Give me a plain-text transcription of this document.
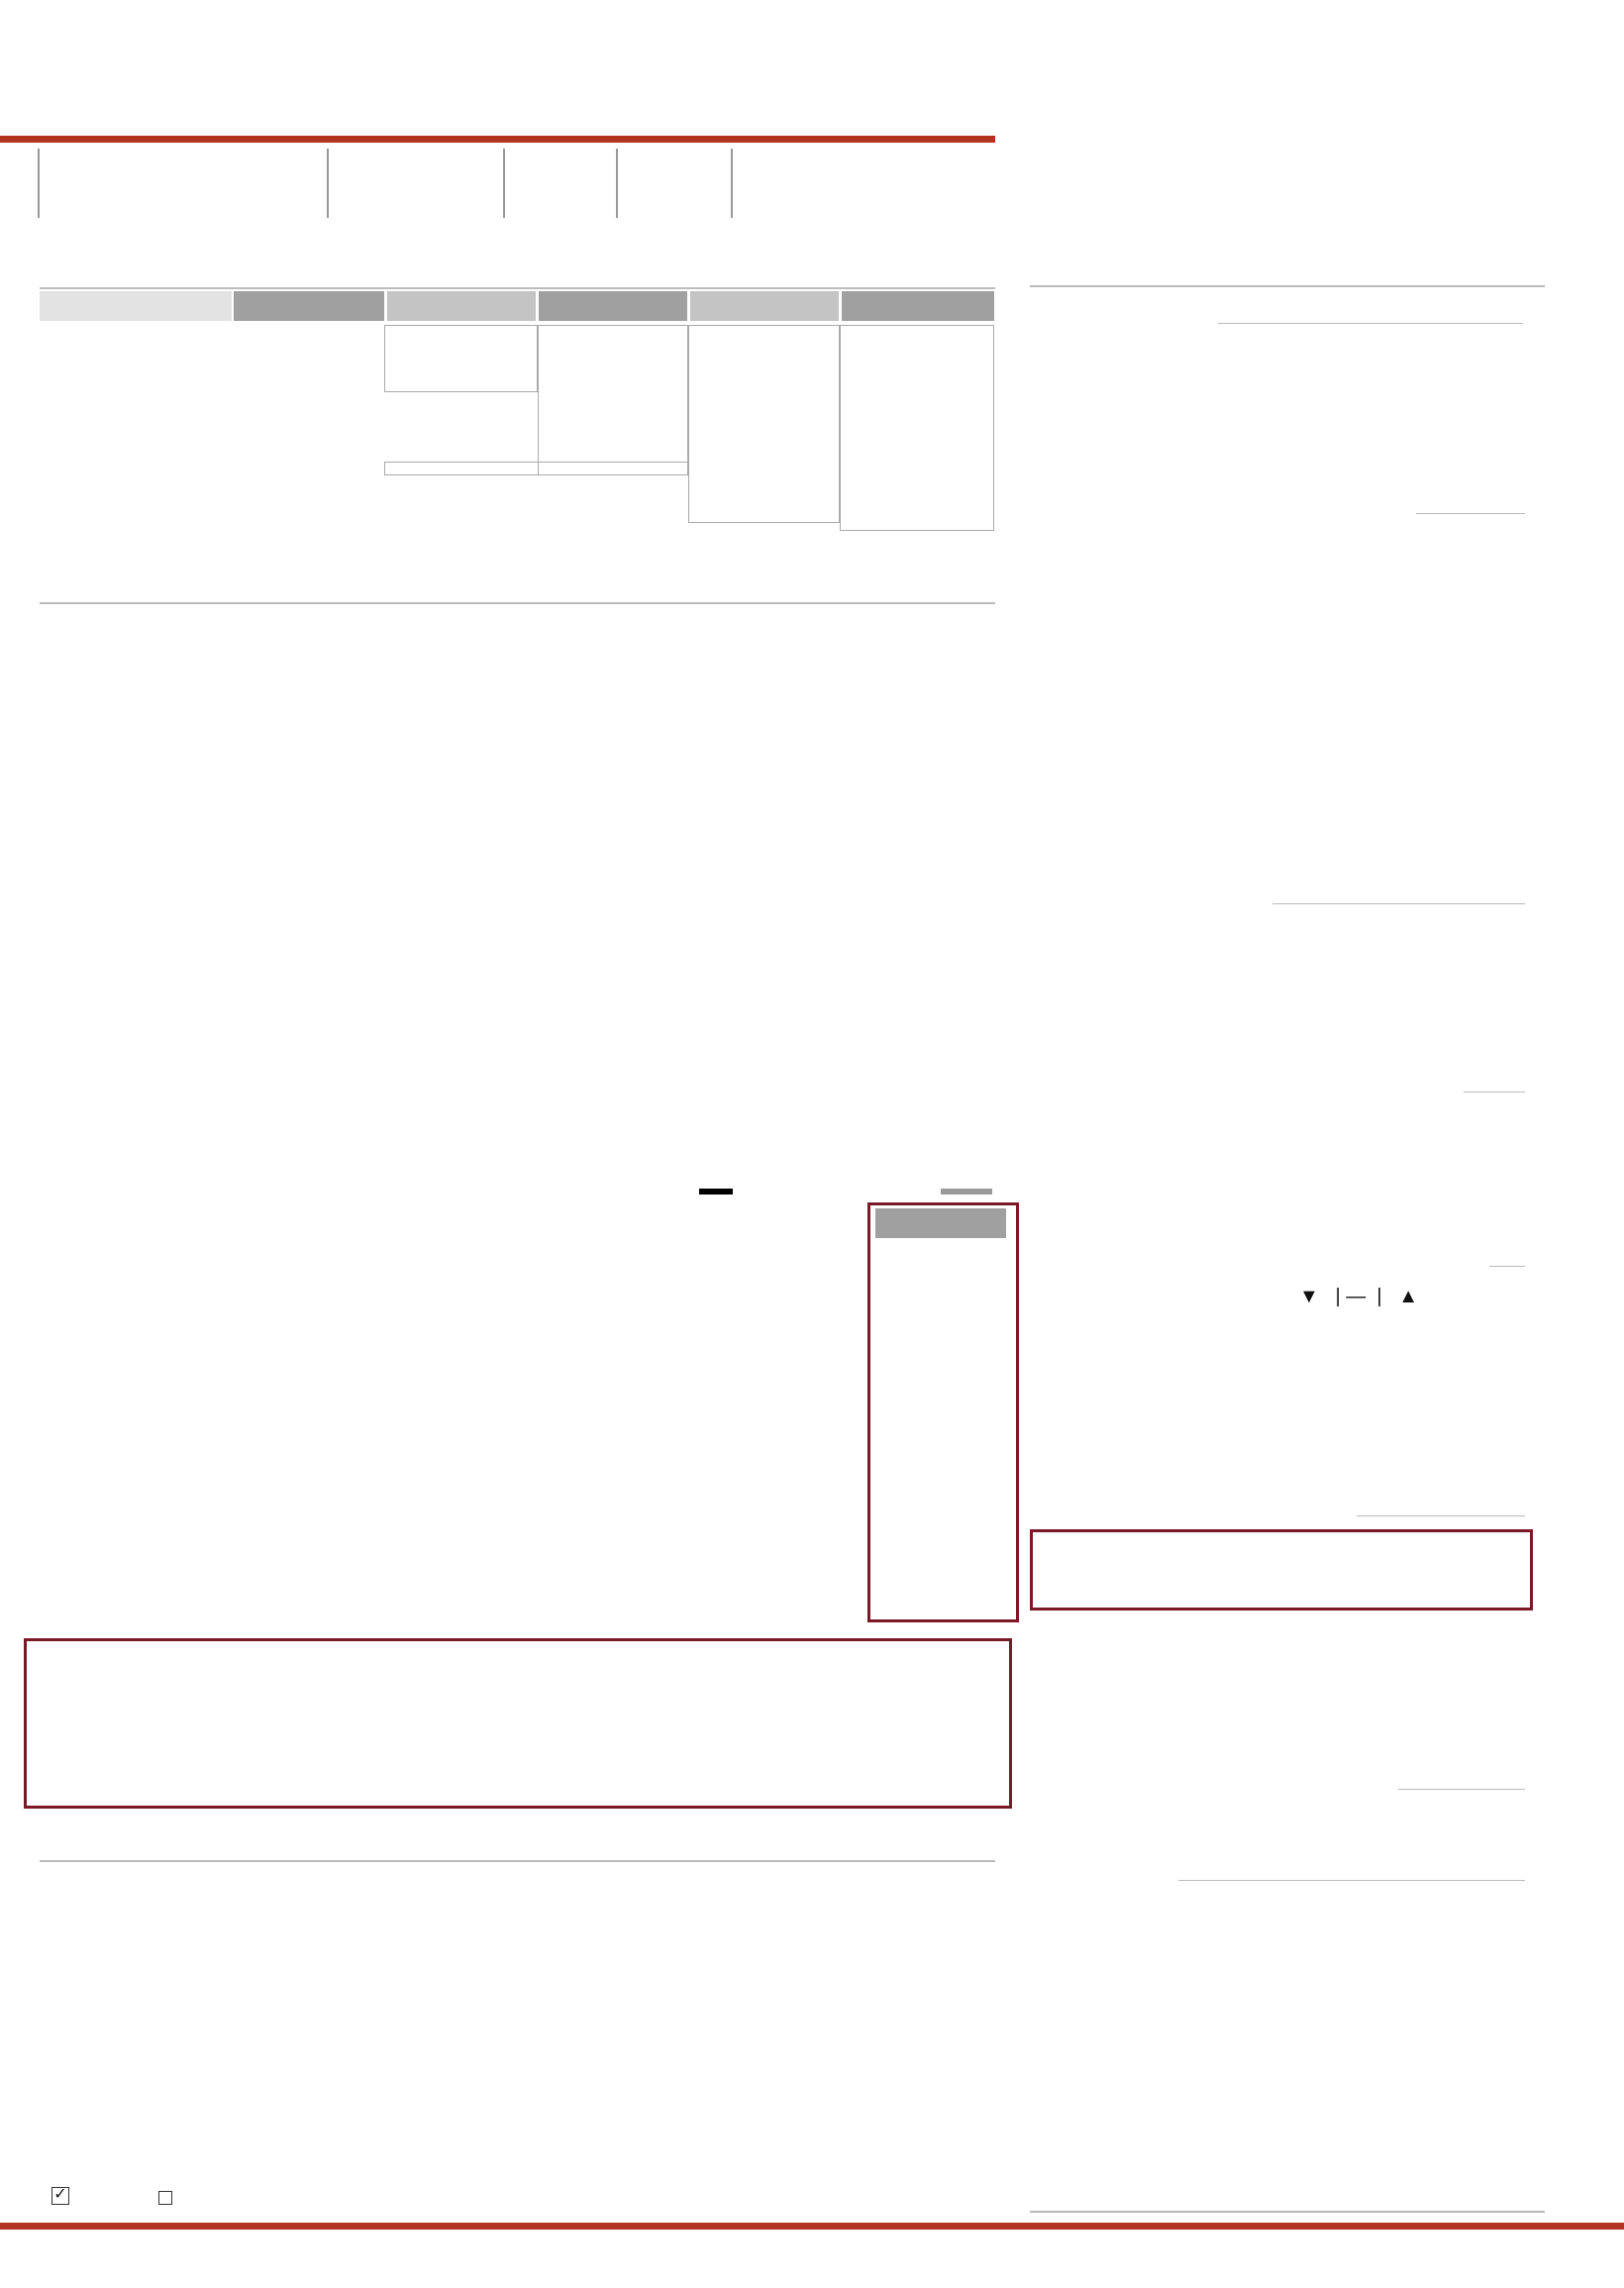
✓
▼   | —  |   ▲
